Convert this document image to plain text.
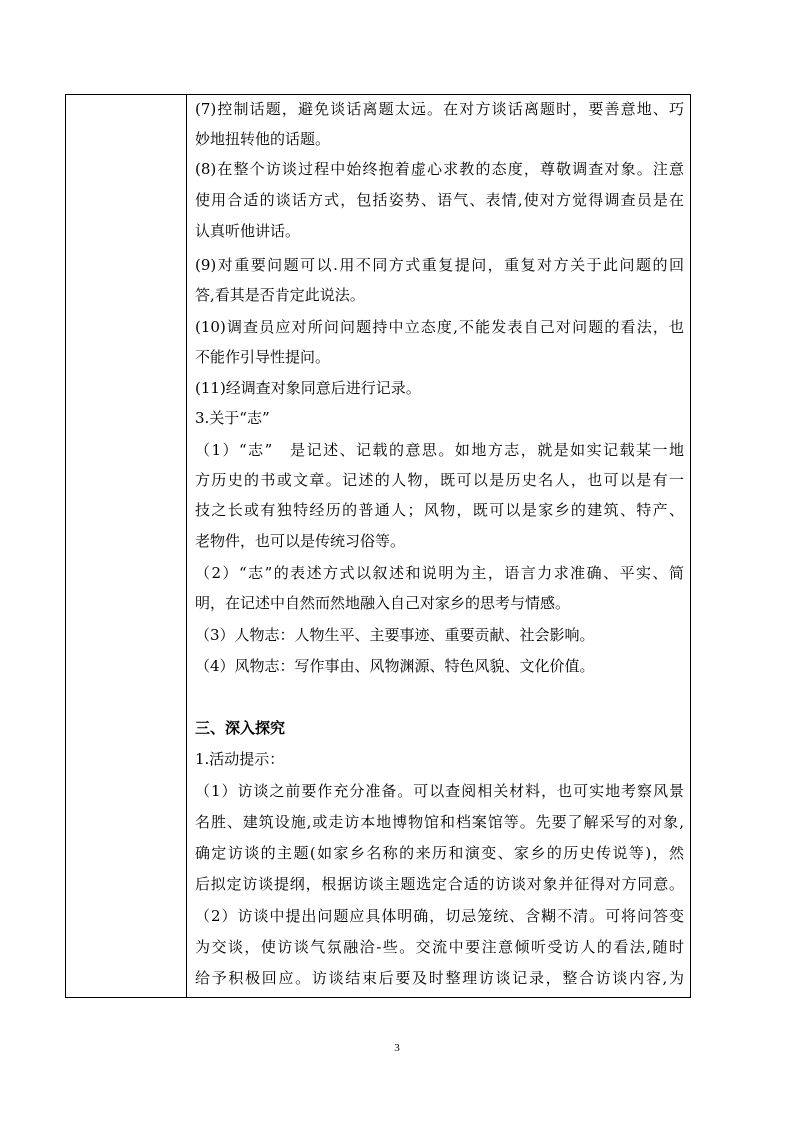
(7)控制话题，避免谈话离题太远。在对方谈话离题时，要善意地、巧
妙地扭转他的话题。
(8)在整个访谈过程中始终抱着虚心求教的态度，尊敬调查对象。注意
使用合适的谈话方式，包括姿势、语气、表情,使对方觉得调查员是在
认真听他讲话。
(9)对重要问题可以.用不同方式重复提问，重复对方关于此问题的回
答,看其是否肯定此说法。
(10)调查员应对所问问题持中立态度,不能发表自己对问题的看法，也
不能作引导性提问。
(11)经调查对象同意后进行记录。
3.关于“志”
（1）“志”　是记述、记载的意思。如地方志，就是如实记载某一地
方历史的书或文章。记述的人物，既可以是历史名人，也可以是有一
技之长或有独特经历的普通人；风物，既可以是家乡的建筑、特产、
老物件，也可以是传统习俗等。
（2）“志”的表述方式以叙述和说明为主，语言力求准确、平实、简
明，在记述中自然而然地融入自己对家乡的思考与情感。
（3）人物志：人物生平、主要事迹、重要贡献、社会影响。
（4）风物志：写作事由、风物渊源、特色风貌、文化价值。
三、深入探究
1.活动提示：
（1）访谈之前要作充分准备。可以查阅相关材料，也可实地考察风景
名胜、建筑设施,或走访本地博物馆和档案馆等。先要了解采写的对象,
确定访谈的主题(如家乡名称的来历和演变、家乡的历史传说等)，然
后拟定访谈提纲，根据访谈主题选定合适的访谈对象并征得对方同意。
（2）访谈中提出问题应具体明确，切忌笼统、含糊不清。可将问答变
为交谈，使访谈气氛融洽-些。交流中要注意倾听受访人的看法,随时
给予积极回应。访谈结束后要及时整理访谈记录，整合访谈内容,为
3
